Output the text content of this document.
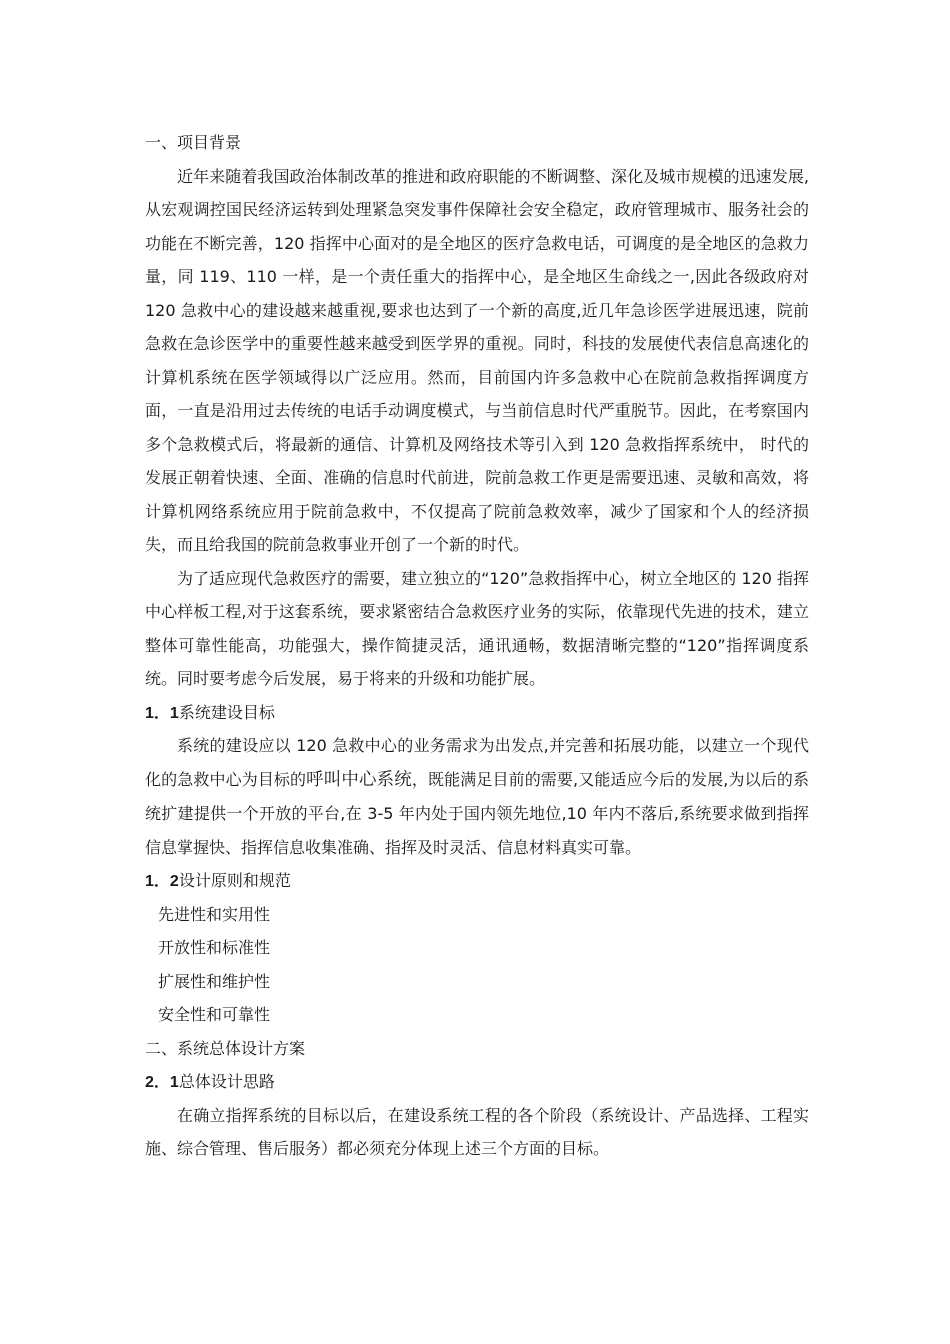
一、项目背景

近年来随着我国政治体制改革的推进和政府职能的不断调整、深化及城市规模的迅速发展,从宏观调控国民经济运转到处理紧急突发事件保障社会安全稳定，政府管理城市、服务社会的功能在不断完善，120 指挥中心面对的是全地区的医疗急救电话，可调度的是全地区的急救力量，同 119、110 一样，是一个责任重大的指挥中心，是全地区生命线之一,因此各级政府对 120 急救中心的建设越来越重视,要求也达到了一个新的高度,近几年急诊医学进展迅速，院前急救在急诊医学中的重要性越来越受到医学界的重视。同时，科技的发展使代表信息高速化的计算机系统在医学领域得以广泛应用。然而，目前国内许多急救中心在院前急救指挥调度方面，一直是沿用过去传统的电话手动调度模式，与当前信息时代严重脱节。因此，在考察国内多个急救模式后，将最新的通信、计算机及网络技术等引入到 120 急救指挥系统中， 时代的发展正朝着快速、全面、准确的信息时代前进，院前急救工作更是需要迅速、灵敏和高效，将计算机网络系统应用于院前急救中，不仅提高了院前急救效率，减少了国家和个人的经济损失，而且给我国的院前急救事业开创了一个新的时代。

为了适应现代急救医疗的需要，建立独立的“120”急救指挥中心，树立全地区的 120 指挥中心样板工程,对于这套系统，要求紧密结合急救医疗业务的实际，依靠现代先进的技术，建立整体可靠性能高，功能强大，操作简捷灵活，通讯通畅，数据清晰完整的“120”指挥调度系统。同时要考虑今后发展，易于将来的升级和功能扩展。

1．1系统建设目标

系统的建设应以 120 急救中心的业务需求为出发点,并完善和拓展功能，以建立一个现代化的急救中心为目标的呼叫中心系统，既能满足目前的需要,又能适应今后的发展,为以后的系统扩建提供一个开放的平台,在 3-5 年内处于国内领先地位,10 年内不落后,系统要求做到指挥信息掌握快、指挥信息收集准确、指挥及时灵活、信息材料真实可靠。

1．2设计原则和规范
先进性和实用性
开放性和标准性
扩展性和维护性
安全性和可靠性
二、系统总体设计方案
2．1总体设计思路

在确立指挥系统的目标以后，在建设系统工程的各个阶段（系统设计、产品选择、工程实施、综合管理、售后服务）都必须充分体现上述三个方面的目标。
